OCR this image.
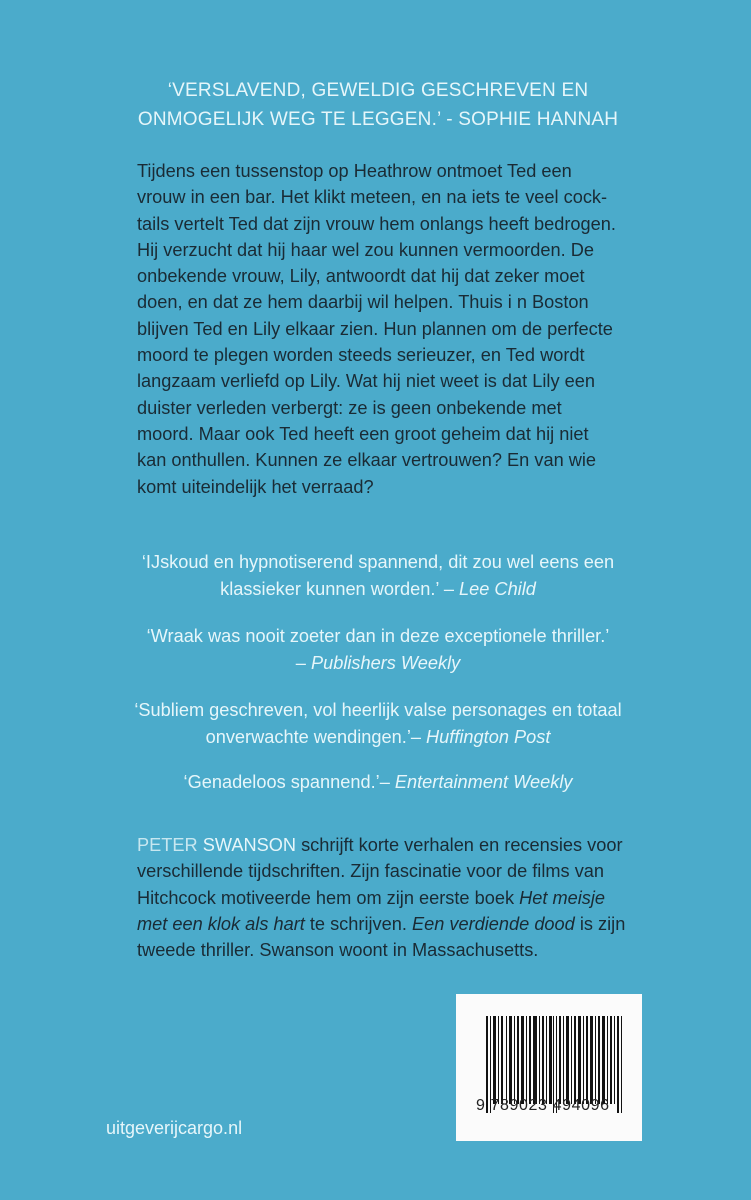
‘VERSLAVEND, GEWELDIG GESCHREVEN EN
ONMOGELIJK WEG TE LEGGEN.’ - SOPHIE HANNAH
Tijdens een tussenstop op Heathrow ontmoet Ted een
vrouw in een bar. Het klikt meteen, en na iets te veel cock-
tails vertelt Ted dat zijn vrouw hem onlangs heeft bedrogen.
Hij verzucht dat hij haar wel zou kunnen vermoorden. De
onbekende vrouw, Lily, antwoordt dat hij dat zeker moet
doen, en dat ze hem daarbij wil helpen. Thuis i n Boston
blijven Ted en Lily elkaar zien. Hun plannen om de perfecte
moord te plegen worden steeds serieuzer, en Ted wordt
langzaam verliefd op Lily. Wat hij niet weet is dat Lily een
duister verleden verbergt: ze is geen onbekende met
moord. Maar ook Ted heeft een groot geheim dat hij niet
kan onthullen. Kunnen ze elkaar vertrouwen? En van wie
komt uiteindelijk het verraad?
‘IJskoud en hypnotiserend spannend, dit zou wel eens een
klassieker kunnen worden.’ – Lee Child
‘Wraak was nooit zoeter dan in deze exceptionele thriller.’
– Publishers Weekly
‘Subliem geschreven, vol heerlijk valse personages en totaal
onverwachte wendingen.’– Huffington Post
‘Genadeloos spannend.’– Entertainment Weekly
PETER SWANSON schrijft korte verhalen en recensies voor
verschillende tijdschriften. Zijn fascinatie voor de films van
Hitchcock motiveerde hem om zijn eerste boek Het meisje
met een klok als hart te schrijven. Een verdiende dood is zijn
tweede thriller. Swanson woont in Massachusetts.
9 789023 494096
uitgeverijcargo.nl
